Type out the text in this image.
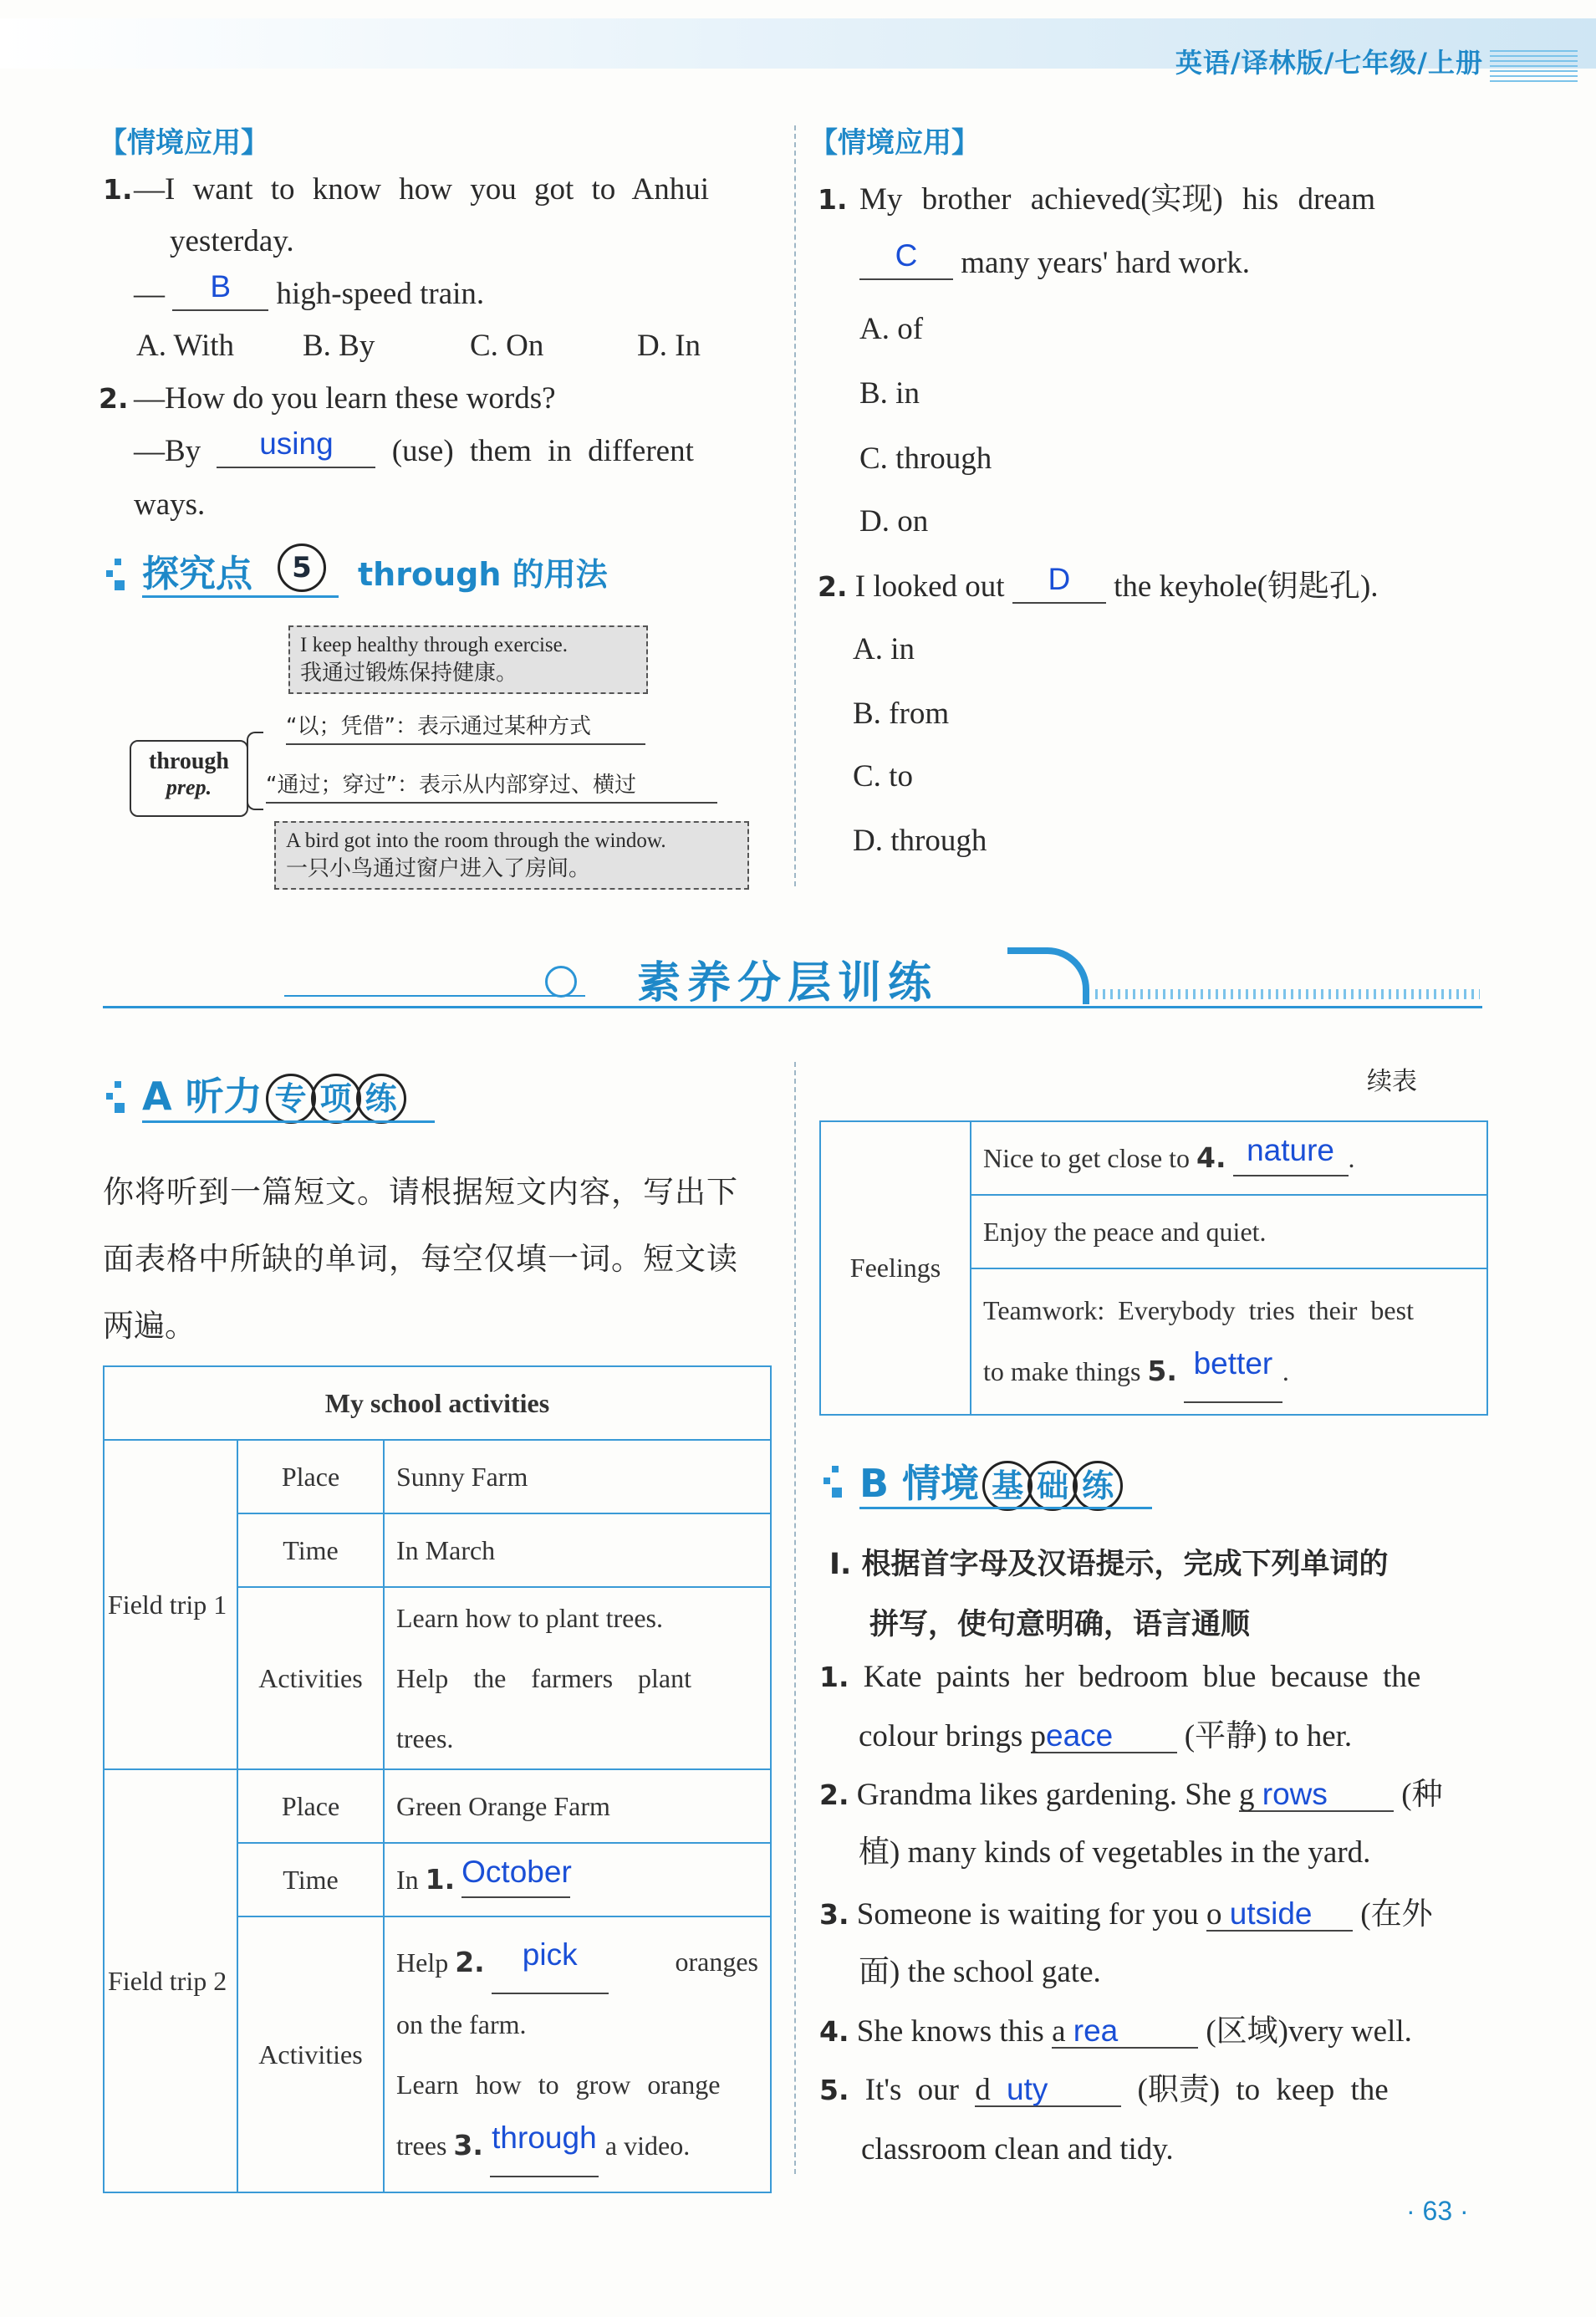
英语/译林版/七年级/上册
【情境应用】
1. —I want to know how you got to Anhui
yesterday.
— B high-speed train.
A. With B. By	C. On	D. In
2. —How do you learn these words?
—By using (use) them in different
ways.
探究点	5	through 的用法
I keep healthy through exercise.
我通过锻炼保持健康。
“以；凭借”：表示通过某种方式
through
prep.	“通过；穿过”：表示从内部穿过、横过
A bird got into the room through the window.
一只小鸟通过窗户进入了房间。
【情境应用】
1. My brother achieved(实现) his dream
C many years' hard work.
A. of
B. in
C. through
D. on
2. I looked out D the keyhole(钥匙孔).
A. in
B. from
C. to
D. through
素养分层训练
A 听力 专 项 练
你将听到一篇短文。请根据短文内容，写出下
面表格中所缺的单词，每空仅填一词。短文读
两遍。
My school activities		
Field trip 1	Place	Sunny Farm
	Time	In March
	Activities	Learn how to plant trees.
Help the farmers plant
trees.

Field trip 2	Place	Green Orange Farm
	Time	In 1. October
	Activities	Help 2. pick oranges
on the farm.
Learn how to grow orange
trees 3. through a video.
续表
Feelings	Nice to get close to 4. nature .
Enjoy the peace and quiet.

Teamwork: Everybody tries their best
to make things 5. better .
B 情境 基 础 练
Ⅰ. 根据首字母及汉语提示，完成下列单词的
拼写，使句意明确，语言通顺
1. Kate paints her bedroom blue because the
colour brings peace (平静) to her.
2. Grandma likes gardening. She g rows (种
植) many kinds of vegetables in the yard.
3. Someone is waiting for you o utside (在外
面) the school gate.
4. She knows this a rea	(区域)very well.
5. It's our d uty	(职责) to keep the
classroom clean and tidy.
· 63 ·
